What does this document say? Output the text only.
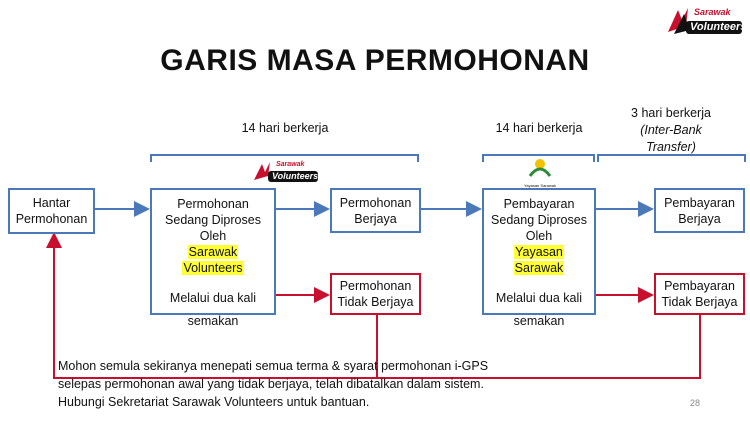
Sarawak
Volunteers
GARIS MASA PERMOHONAN
14 hari berkerja	14 hari berkerja
3 hari berkerja
(Inter-Bank
Transfer)
Sarawak
Volunteers
Yayasan Sarawak
Hantar
Permohonan
Permohonan
Sedang Diproses
Oleh
Sarawak
Volunteers
Melalui dua kali
semakan
Permohonan
Berjaya
Permohonan
Tidak Berjaya
Pembayaran
Sedang Diproses
Oleh
Yayasan
Sarawak
Melalui dua kali
semakan
Pembayaran
Berjaya
Pembayaran
Tidak Berjaya
Mohon semula sekiranya menepati semua terma & syarat permohonan i-GPS
selepas permohonan awal yang tidak berjaya, telah dibatalkan dalam sistem.
Hubungi Sekretariat Sarawak Volunteers untuk bantuan.	28
